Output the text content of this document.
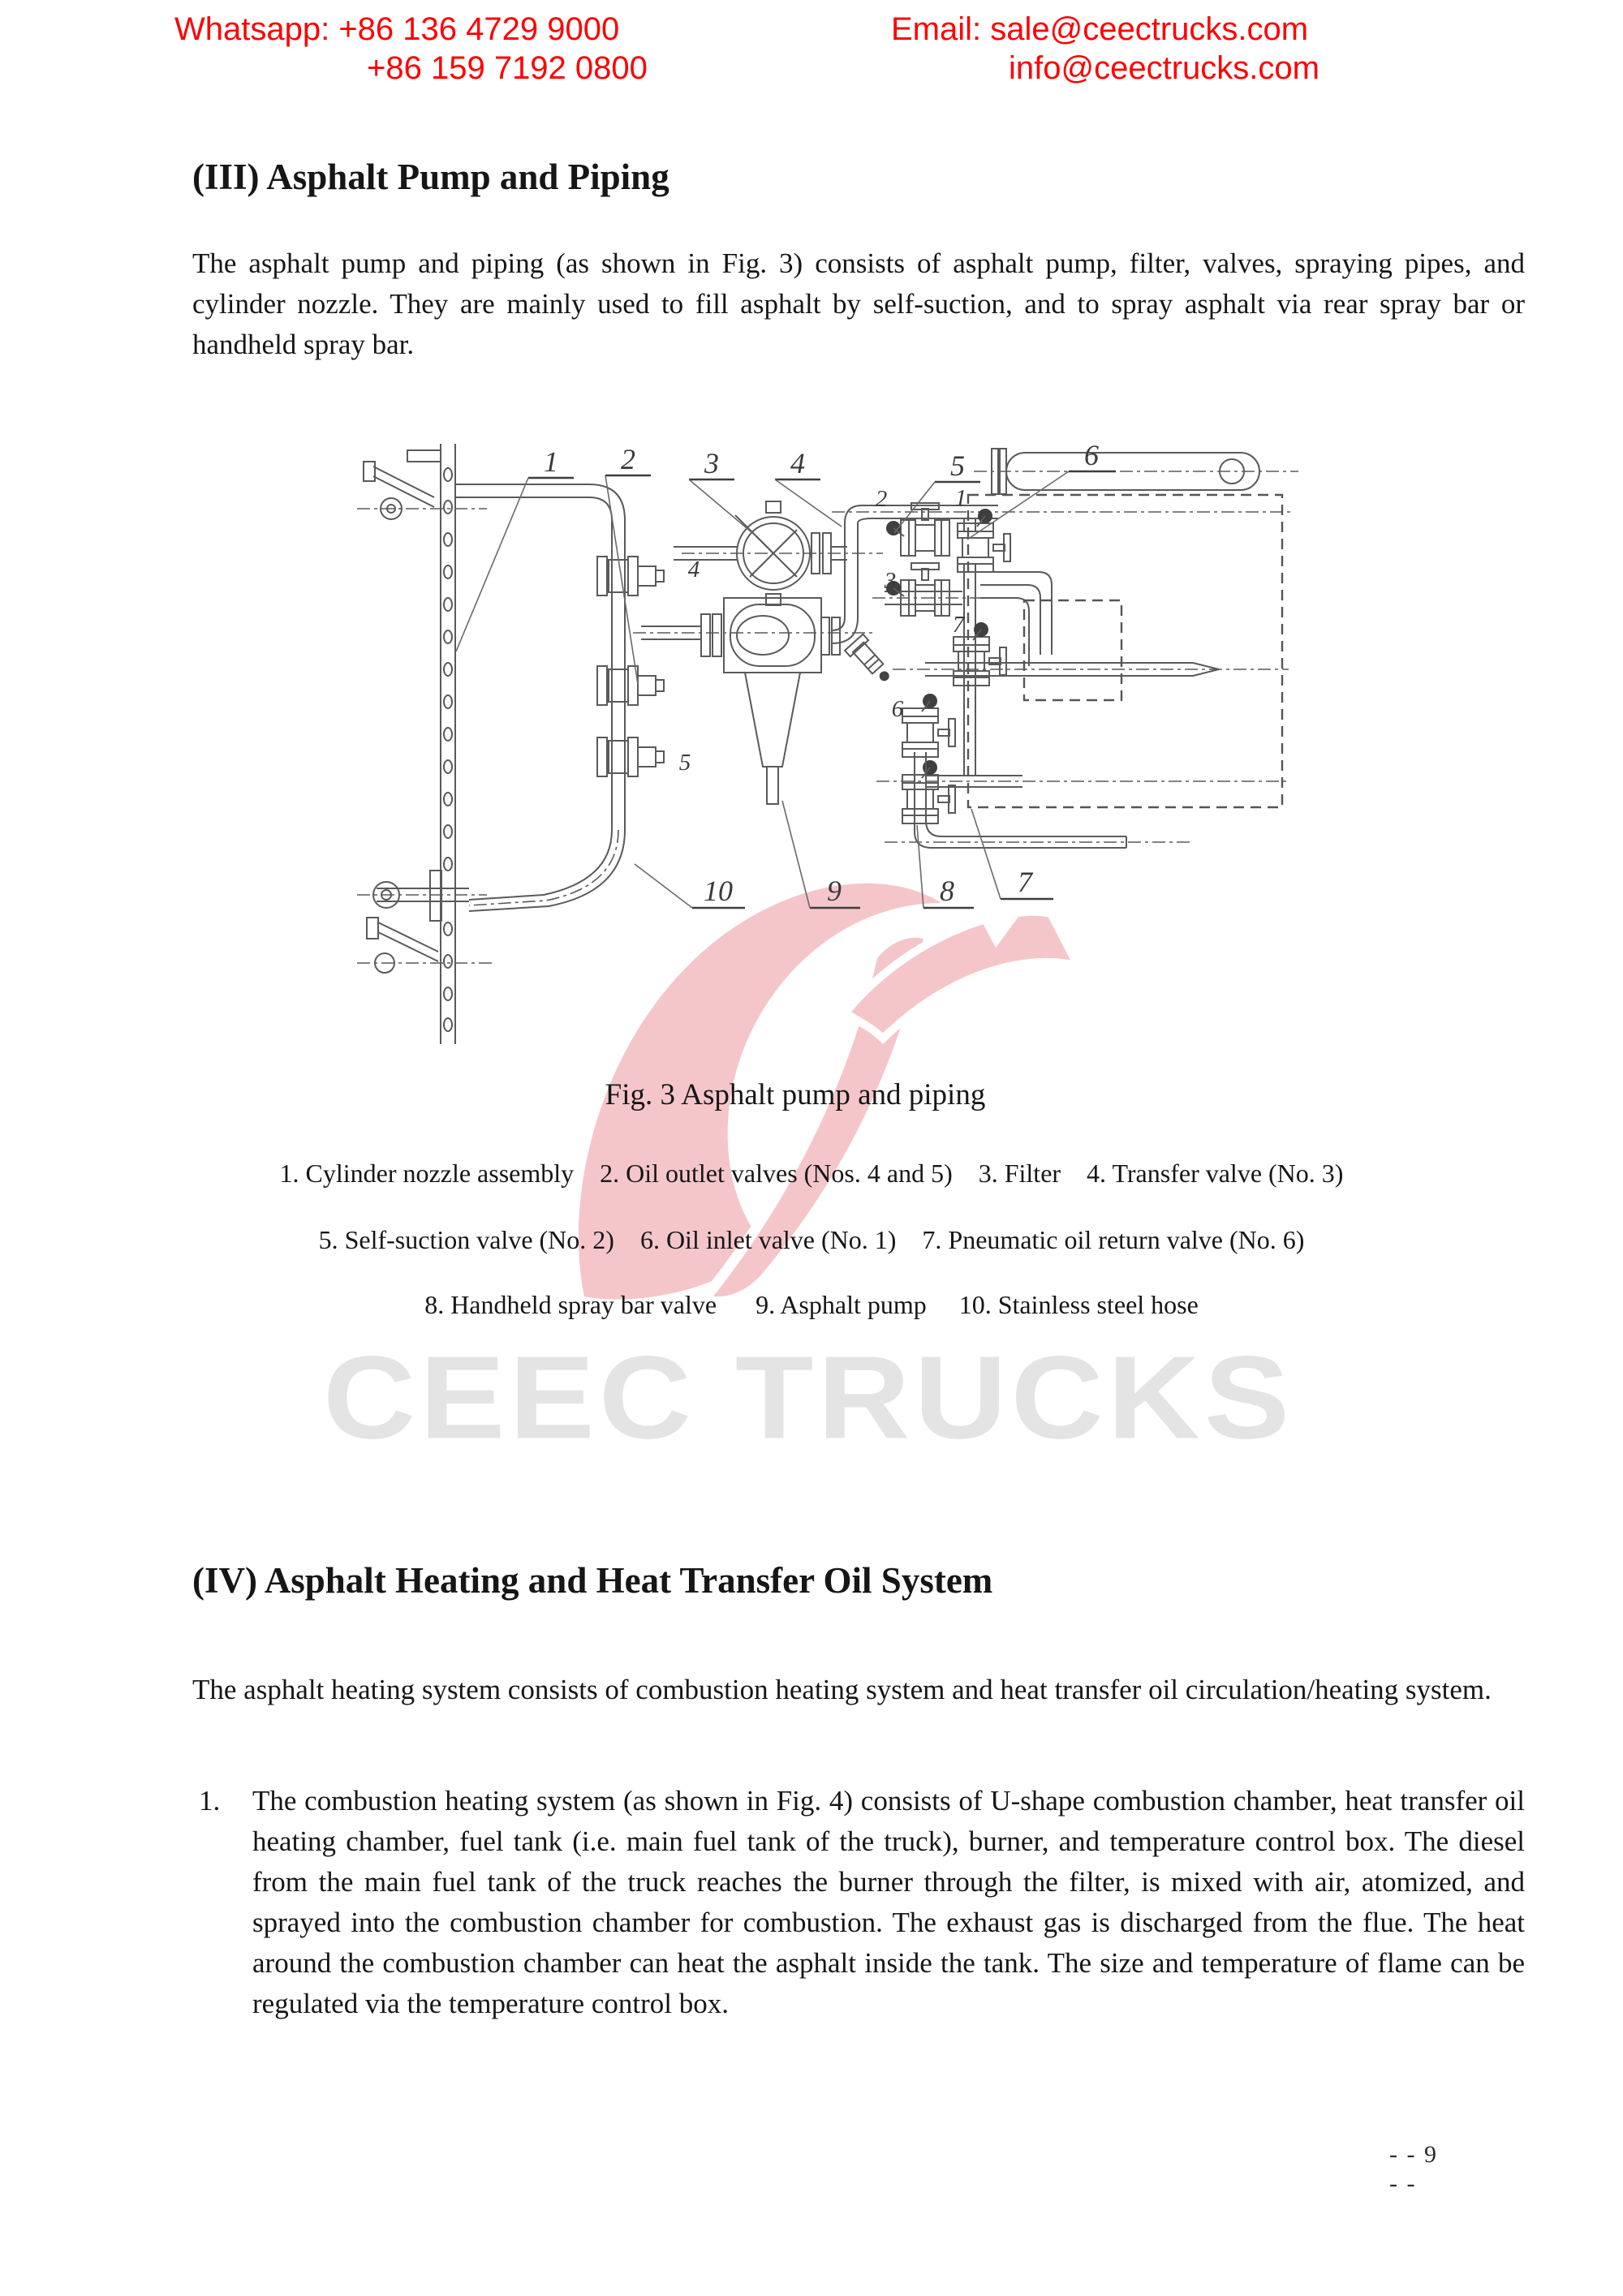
CEEC TRUCKS
Whatsapp: +86 136 4729 9000
+86 159 7192 0800
Email: sale@ceectrucks.com
info@ceectrucks.com
(III) Asphalt Pump and Piping
The asphalt pump and piping (as shown in Fig. 3) consists of asphalt pump, filter, valves, spraying pipes, and cylinder nozzle. They are mainly used to fill asphalt by self-suction, and to spray asphalt via rear spray bar or handheld spray bar.
1 2 3 4	5	6
10	9	8 7
4
5
2	1
3
7
6
Fig. 3 Asphalt pump and piping
1. Cylinder nozzle assembly    2. Oil outlet valves (Nos. 4 and 5)    3. Filter    4. Transfer valve (No. 3)
5. Self-suction valve (No. 2)    6. Oil inlet valve (No. 1)    7. Pneumatic oil return valve (No. 6)
8. Handheld spray bar valve      9. Asphalt pump     10. Stainless steel hose
(IV) Asphalt Heating and Heat Transfer Oil System
The asphalt heating system consists of combustion heating system and heat transfer oil circulation/heating system.
1.	The combustion heating system (as shown in Fig. 4) consists of U-shape combustion chamber, heat transfer oil heating chamber, fuel tank (i.e. main fuel tank of the truck), burner, and temperature control box. The diesel from the main fuel tank of the truck reaches the burner through the filter, is mixed with air, atomized, and sprayed into the combustion chamber for combustion. The exhaust gas is discharged from the flue. The heat around the combustion chamber can heat the asphalt inside the tank. The size and temperature of flame can be regulated via the temperature control box.
- - 9
- -
